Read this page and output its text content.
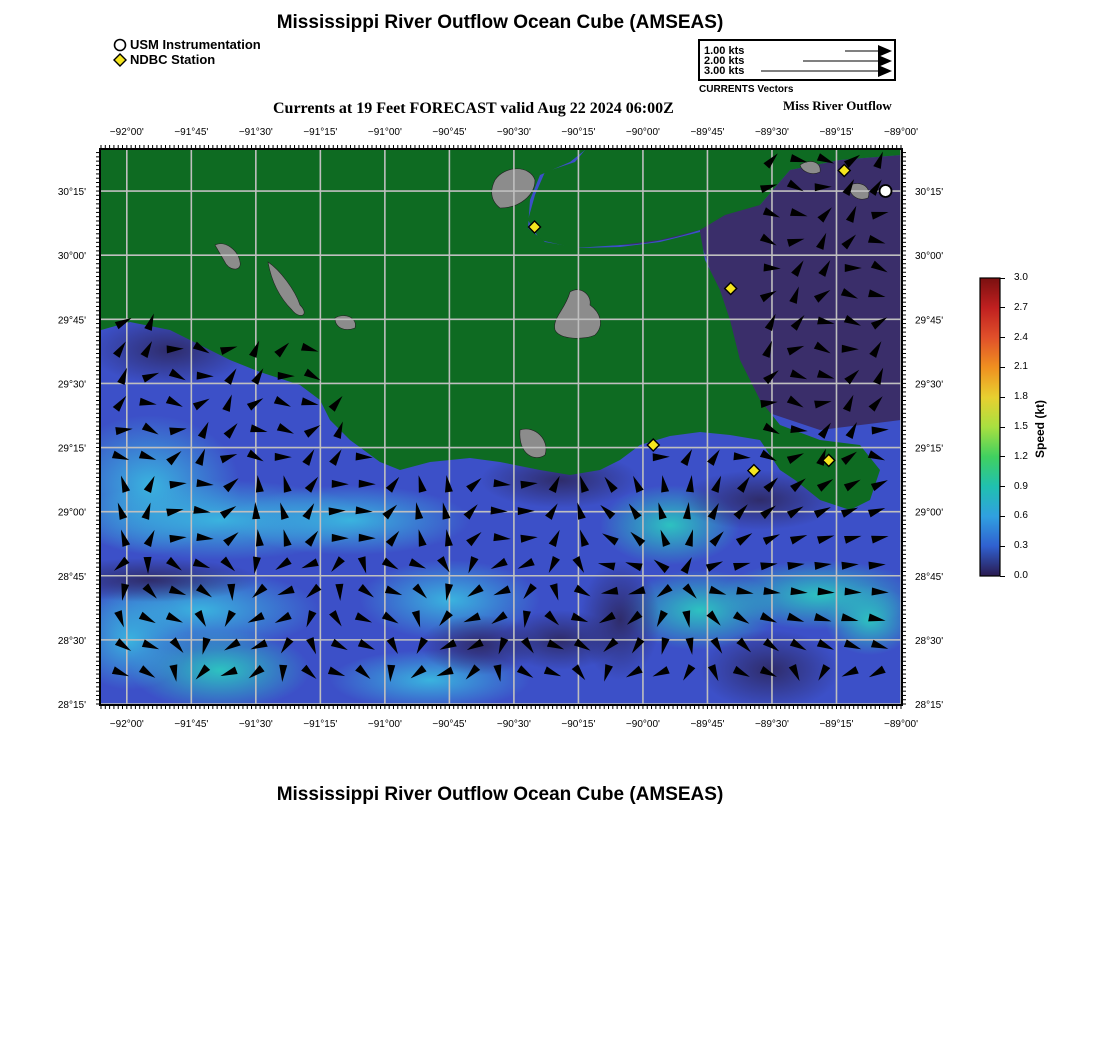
Mississippi River Outflow Ocean Cube (AMSEAS)
USM Instrumentation
NDBC Station
1.00 kts
2.00 kts
3.00 kts
CURRENTS Vectors
Currents at 19 Feet FORECAST valid Aug 22 2024 06:00Z	Miss River Outflow
−92°00'
−92°00'
−91°45'
−91°45'
−91°30'
−91°30'
−91°15'
−91°15'
−91°00'
−91°00'
−90°45'
−90°45'
−90°30'
−90°30'
−90°15'
−90°15'
−90°00'
−90°00'
−89°45'
−89°45'
−89°30'
−89°30'
−89°15'
−89°15'
−89°00'
−89°00'
30°15'	30°15'
30°00'	30°00'
29°45'	29°45'
29°30'	29°30'
29°15'	29°15'
29°00'	29°00'
28°45'	28°45'
28°30'	28°30'
28°15'	28°15'
3.0
2.7
2.4
2.1
1.8
1.5
1.2
0.9
0.6
0.3
0.0
Speed (kt)
Mississippi River Outflow Ocean Cube (AMSEAS)
